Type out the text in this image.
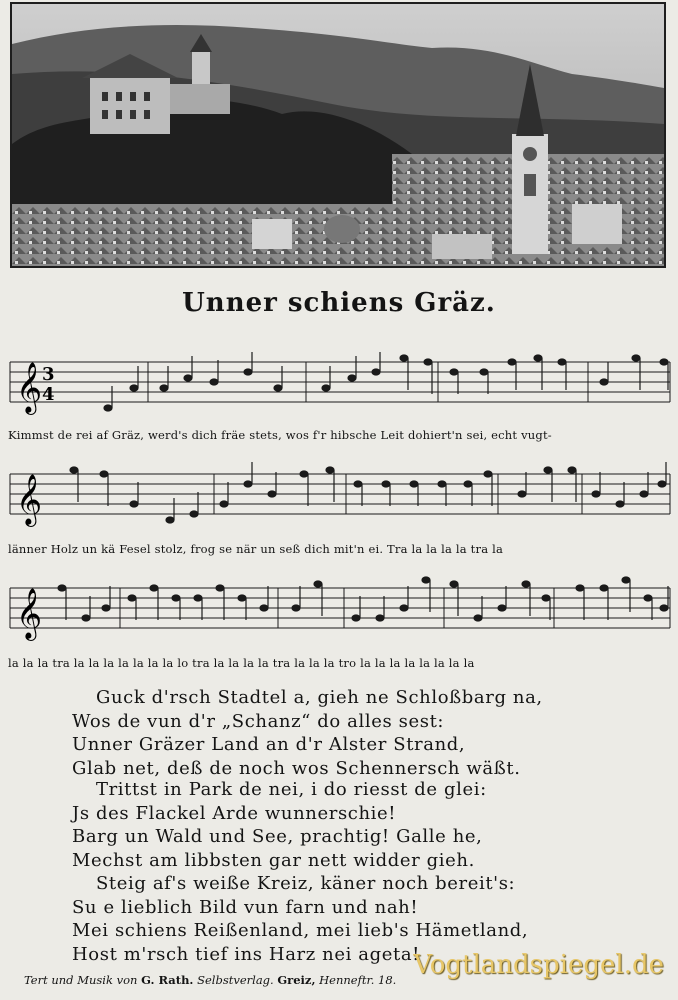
Unner schiens Gräz.
𝄞 3
4
Kimmst de rei af Gräz, werd's dich fräe stets, wos f'r hibsche Leit dohiert'n sei, echt vugt-
𝄞
länner Holz un kä Fesel stolz, frog se när un seß dich mit'n ei. Tra la la la la tra la
𝄞
la la la tra la la la la la la la lo tra la la la la tra la la la tro la la la la la la la la
Guck d'rsch Stadtel a, gieh ne Schloßbarg na,
Wos de vun d'r „Schanz“ do alles sest:
Unner Gräzer Land an d'r Alster Strand,
Glab net, deß de noch wos Schennersch wäßt.
Trittst in Park de nei, i do riesst de glei:
Js des Flackel Arde wunnerschie!
Barg un Wald und See, prachtig! Galle he,
Mechst am libbsten gar nett widder gieh.
Steig af's weiße Kreiz, käner noch bereit's:
Su e lieblich Bild vun farn und nah!
Mei schiens Reißenland, mei lieb's Hämetland,
Host m'rsch tief ins Harz nei ageta!
Tert und Musik von G. Rath. Selbstverlag. Greiz, Henneftr. 18. Vogtlandspiegel.de
